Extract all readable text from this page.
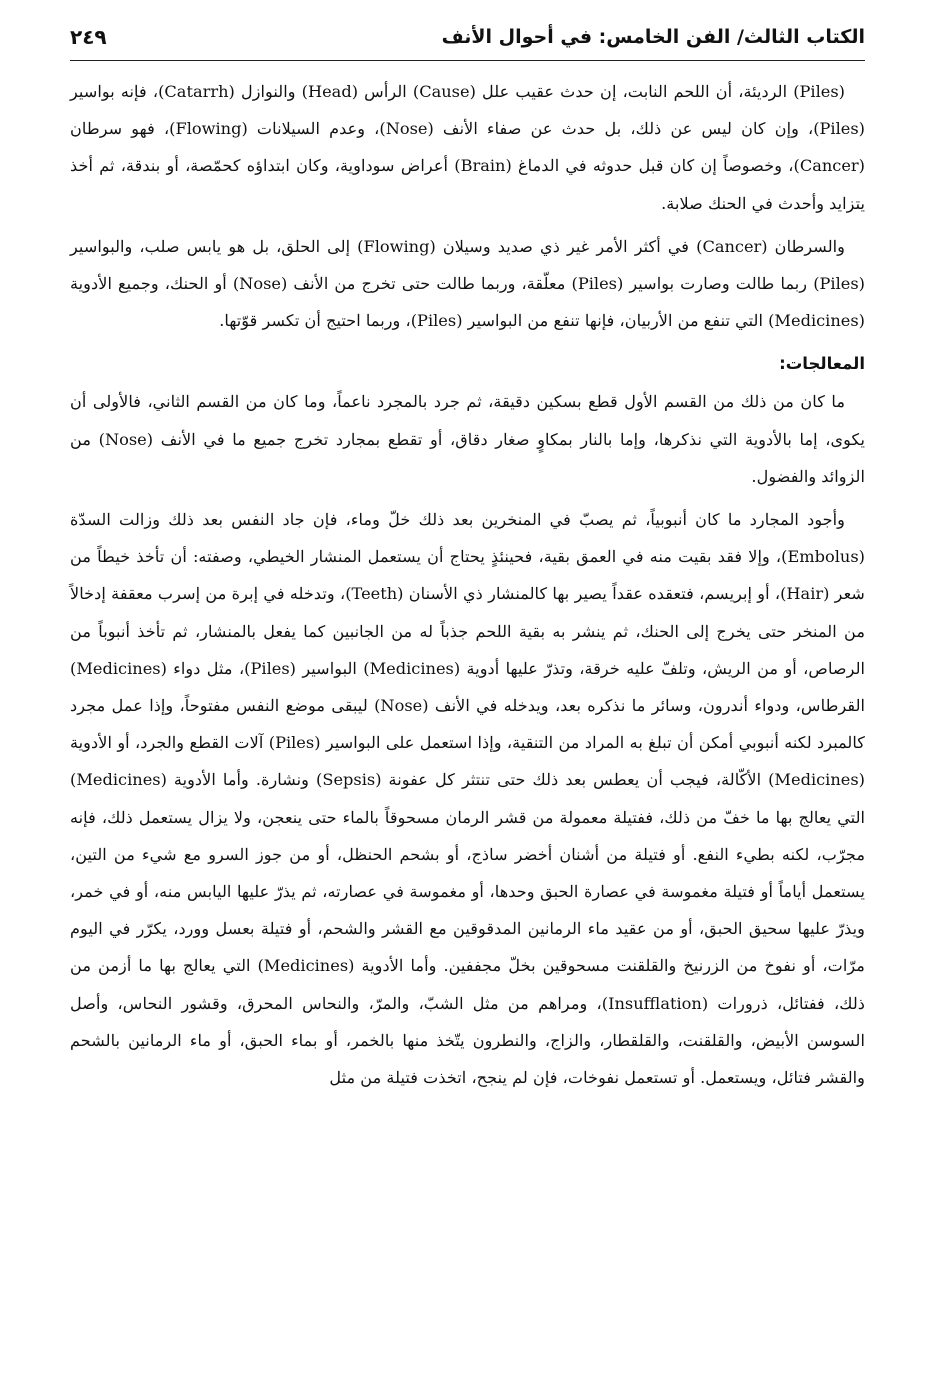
الكتاب الثالث/ الفن الخامس: في أحوال الأنف
٢٤٩

(Piles) الرديئة، أن اللحم النابت، إن حدث عقيب علل (Cause) الرأس (Head) والنوازل (Catarrh)، فإنه بواسير (Piles)، وإن كان ليس عن ذلك، بل حدث عن صفاء الأنف (Nose)، وعدم السيلانات (Flowing)، فهو سرطان (Cancer)، وخصوصاً إن كان قبل حدوثه في الدماغ (Brain) أعراض سوداوية، وكان ابتداؤه كحمّصة، أو بندقة، ثم أخذ يتزايد وأحدث في الحنك صلابة.

والسرطان (Cancer) في أكثر الأمر غير ذي صديد وسيلان (Flowing) إلى الحلق، بل هو يابس صلب، والبواسير (Piles) ربما طالت وصارت بواسير (Piles) معلّقة، وربما طالت حتى تخرج من الأنف (Nose) أو الحنك، وجميع الأدوية (Medicines) التي تنفع من الأربيان، فإنها تنفع من البواسير (Piles)، وربما احتيج أن تكسر قوّتها.

المعالجات:

ما كان من ذلك من القسم الأول قطع بسكين دقيقة، ثم جرد بالمجرد ناعماً، وما كان من القسم الثاني، فالأولى أن يكوى، إما بالأدوية التي نذكرها، وإما بالنار بمكاوٍ صغار دقاق، أو تقطع بمجارد تخرج جميع ما في الأنف (Nose) من الزوائد والفضول.

وأجود المجارد ما كان أنبوبياً، ثم يصبّ في المنخرين بعد ذلك خلّ وماء، فإن جاد النفس بعد ذلك وزالت السدّة (Embolus)، وإلا فقد بقيت منه في العمق بقية، فحينئذٍ يحتاج أن يستعمل المنشار الخيطي، وصفته: أن تأخذ خيطاً من شعر (Hair)، أو إبريسم، فتعقده عقداً يصير بها كالمنشار ذي الأسنان (Teeth)، وتدخله في إبرة من إسرب معقفة إدخالاً من المنخر حتى يخرج إلى الحنك، ثم ينشر به بقية اللحم جذباً له من الجانبين كما يفعل بالمنشار، ثم تأخذ أنبوباً من الرصاص، أو من الريش، وتلفّ عليه خرقة، وتذرّ عليها أدوية (Medicines) البواسير (Piles)، مثل دواء (Medicines) القرطاس، ودواء أندرون، وسائر ما نذكره بعد، ويدخله في الأنف (Nose) ليبقى موضع النفس مفتوحاً، وإذا عمل مجرد كالمبرد لكنه أنبوبي أمكن أن تبلغ به المراد من التنقية، وإذا استعمل على البواسير (Piles) آلات القطع والجرد، أو الأدوية (Medicines) الأكّالة، فيجب أن يعطس بعد ذلك حتى تنتثر كل عفونة (Sepsis) ونشارة. وأما الأدوية (Medicines) التي يعالج بها ما خفّ من ذلك، ففتيلة معمولة من قشر الرمان مسحوقاً بالماء حتى ينعجن، ولا يزال يستعمل ذلك، فإنه مجرّب، لكنه بطيء النفع. أو فتيلة من أشنان أخضر ساذج، أو بشحم الحنظل، أو من جوز السرو مع شيء من التين، يستعمل أياماً أو فتيلة مغموسة في عصارة الحبق وحدها، أو مغموسة في عصارته، ثم يذرّ عليها اليابس منه، أو في خمر، ويذرّ عليها سحيق الحبق، أو من عقيد ماء الرمانين المدقوقين مع القشر والشحم، أو فتيلة بعسل وورد، يكرّر في اليوم مرّات، أو نفوخ من الزرنيخ والقلقنت مسحوقين بخلّ مجففين. وأما الأدوية (Medicines) التي يعالج بها ما أزمن من ذلك، ففتائل، ذرورات (Insufflation)، ومراهم من مثل الشبّ، والمرّ، والنحاس المحرق، وقشور النحاس، وأصل السوسن الأبيض، والقلقنت، والقلقطار، والزاج، والنطرون يتّخذ منها بالخمر، أو بماء الحبق، أو ماء الرمانين بالشحم والقشر فتائل، ويستعمل. أو تستعمل نفوخات، فإن لم ينجح، اتخذت فتيلة من مثل
